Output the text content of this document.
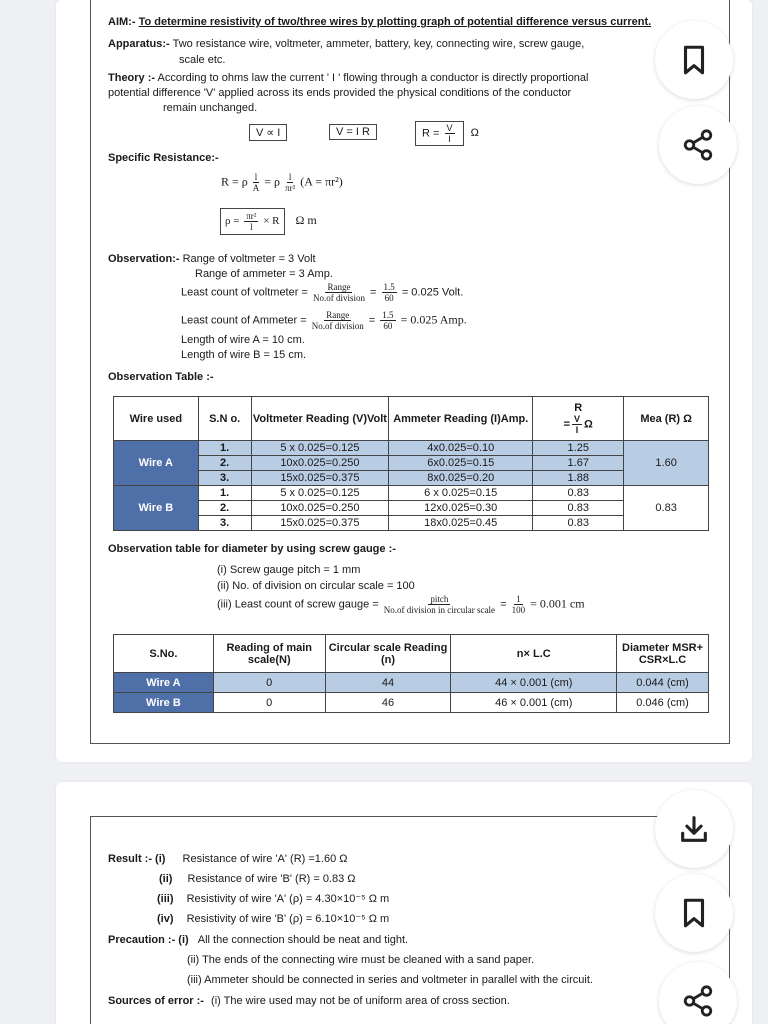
AIM:- To determine resistivity of two/three wires by plotting graph of potential difference versus current.
Apparatus:- Two resistance wire, voltmeter, ammeter, battery, key, connecting wire, screw gauge,
scale etc.
Theory :- According to ohms law the current ' I ' flowing through a conductor is directly proportional
potential difference 'V' applied across its ends provided the physical conditions of the conductor
remain unchanged.
V ∝ I	V = I R	$R = \frac{V}{I}$ Ω
Specific Resistance:-
R = ρ $\frac{l}{A} = \rho \frac{l}{\text{πr²}} (A = \pi r^2)$
$\rho = \frac{\text{πr²}}{l} \times R$ Ω m
Observation:- Range of voltmeter = 3 Volt
Range of ammeter = 3 Amp.
Least count of voltmeter = $\frac{\text{Range}}{\text{No.of division}} = \frac{1.5}{60} = 0.025$ Volt.
Least count of Ammeter = $\frac{\text{Range}}{\text{No.of division}} = \frac{1.5}{60} = 0.025$ Amp.
Length of wire A = 10 cm.
Length of wire B = 15 cm.
Observation Table :-
Wire used	S.N o.	Voltmeter Reading (V)Volt	Ammeter Reading (I)Amp.	R
= $\frac{V}{I}$ Ω	Mea (R) Ω
Wire A	1.	5 x 0.025=0.125	4x0.025=0.10	1.25	1.60
	2.	10x0.025=0.250	6x0.025=0.15	1.67	
	3.	15x0.025=0.375	8x0.025=0.20	1.88	
Wire B	1.	5 x 0.025=0.125	6 x 0.025=0.15	0.83	0.83
	2.	10x0.025=0.250	12x0.025=0.30	0.83	
	3.	15x0.025=0.375	18x0.025=0.45	0.83	
Observation table for diameter by using screw gauge :-
(i) Screw gauge pitch = 1 mm
(ii) No. of division on circular scale = 100
(iii) Least count of screw gauge = $\frac{\text{pitch}}{\text{No.of division in circular scale}} = \frac{1}{100} = 0.001$ cm
S.No.	Reading of main scale(N)	Circular scale Reading (n)	n× L.C	Diameter MSR+ CSR×L.C
Wire A	0	44	44 × 0.001 (cm)	0.044 (cm)
Wire B	0	46	46 × 0.001 (cm)	0.046 (cm)
Result :- (i) Resistance of wire 'A' (R) =1.60 Ω
(ii) Resistance of wire 'B' (R) = 0.83 Ω
(iii) Resistivity of wire 'A' (ρ) = 4.30×10⁻⁵ Ω m
(iv) Resistivity of wire 'B' (ρ) = 6.10×10⁻⁵ Ω m
Precaution :- (i) All the connection should be neat and tight.
(ii) The ends of the connecting wire must be cleaned with a sand paper.
(iii) Ammeter should be connected in series and voltmeter in parallel with the circuit.
Sources of error :- (i) The wire used may not be of uniform area of cross section.
